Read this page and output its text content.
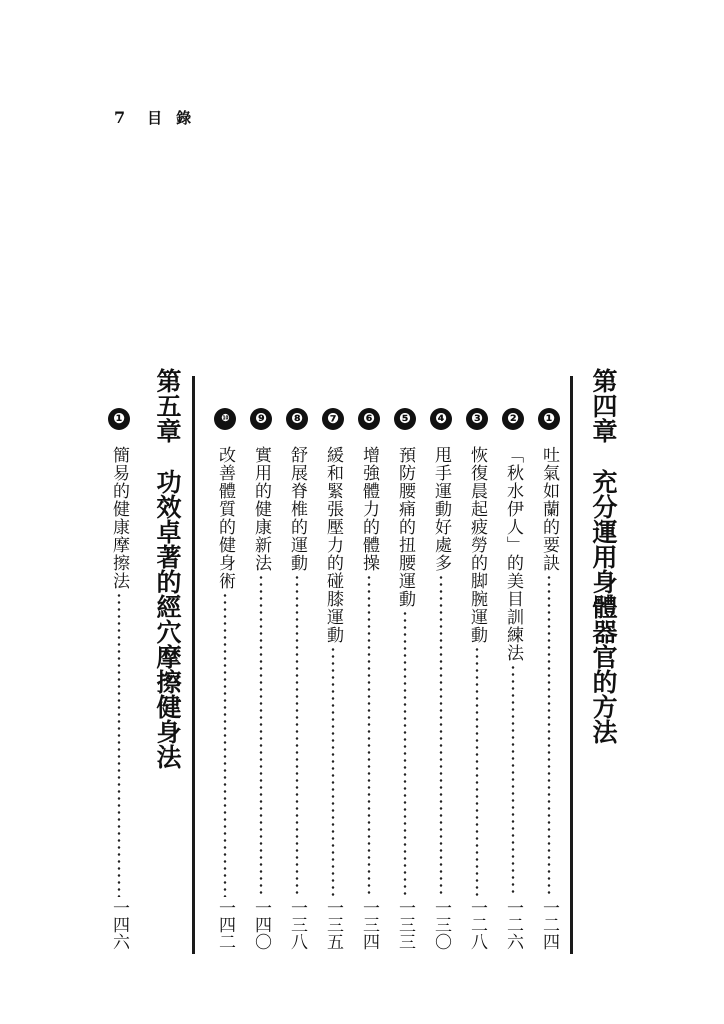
7 目 錄
第四章充分運用身體器官的方法
❶
吐氣如蘭的要訣
一二四
❷
「秋水伊人」的美目訓練法
一二六
❸
恢復晨起疲勞的脚腕運動
一二八
❹
甩手運動好處多
一三〇
❺
預防腰痛的扭腰運動
一三三
❻
增強體力的體操
一三四
❼
緩和緊張壓力的碰膝運動
一三五
❽
舒展脊椎的運動
一三八
❾
實用的健康新法
一四〇
❿
改善體質的健身術
一四二
第五章功效卓著的經穴摩擦健身法
❶
簡易的健康摩擦法
一四六
